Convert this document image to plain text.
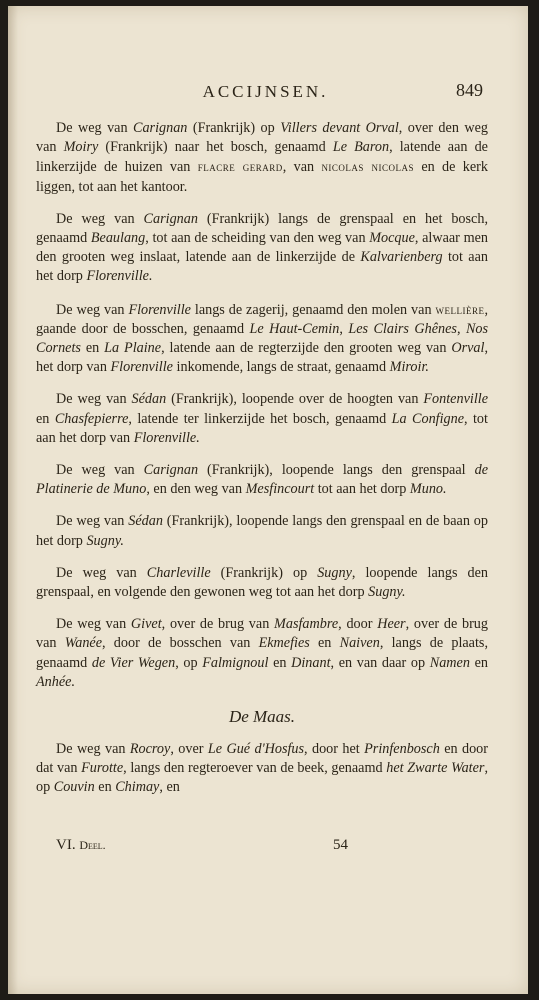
ACCIJNSEN.	849

De weg van Carignan (Frankrijk) op Villers devant Orval, over den weg van Moiry (Frankrijk) naar het bosch, genaamd Le Baron, latende aan de linkerzijde de huizen van flacre gerard, van nicolas nicolas en de kerk liggen, tot aan het kantoor.

De weg van Carignan (Frankrijk) langs de grenspaal en het bosch, genaamd Beaulang, tot aan de scheiding van den weg van Mocque, alwaar men den grooten weg inslaat, latende aan de linkerzijde de Kalvarienberg tot aan het dorp Florenville.

De weg van Florenville langs de zagerij, genaamd den molen van wellière, gaande door de bosschen, genaamd Le Haut-Cemin, Les Clairs Ghênes, Nos Cornets en La Plaine, latende aan de regterzijde den grooten weg van Orval, het dorp van Florenville inkomende, langs de straat, genaamd Miroir.

De weg van Sédan (Frankrijk), loopende over de hoogten van Fontenville en Chasfepierre, latende ter linkerzijde het bosch, genaamd La Configne, tot aan het dorp van Florenville.

De weg van Carignan (Frankrijk), loopende langs den grenspaal de Platinerie de Muno, en den weg van Mesfincourt tot aan het dorp Muno.

De weg van Sédan (Frankrijk), loopende langs den grenspaal en de baan op het dorp Sugny.

De weg van Charleville (Frankrijk) op Sugny, loopende langs den grenspaal, en volgende den gewonen weg tot aan het dorp Sugny.

De weg van Givet, over de brug van Masfambre, door Heer, over de brug van Wanée, door de bosschen van Ekmefies en Naiven, langs de plaats, genaamd de Vier Wegen, op Falmignoul en Dinant, en van daar op Namen en Anhée.

De Maas.

De weg van Rocroy, over Le Gué d'Hosfus, door het Prinfenbosch en door dat van Furotte, langs den regteroever van de beek, genaamd het Zwarte Water, op Couvin en Chimay, en

VI. Deel.	54
